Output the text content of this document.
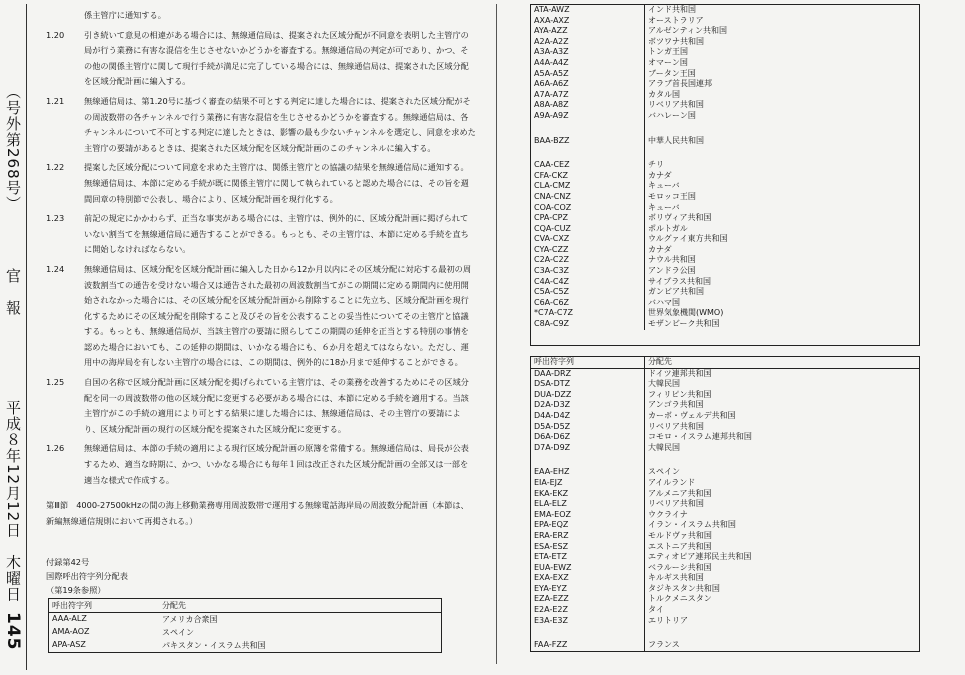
（号外第268号）
官　報
平成８年12月12日　木曜日
145
係主管庁に通知する。
1.20 引き続いて意見の相違がある場合には、無線通信局は、提案された区域分配が不同意を表明した主管庁の局が行う業務に有害な混信を生じさせないかどうかを審査する。無線通信局の判定が可であり、かつ、その他の関係主管庁に関して現行手続が満足に完了している場合には、無線通信局は、提案された区域分配を区域分配計画に編入する。
1.21 無線通信局は、第1.20号に基づく審査の結果不可とする判定に達した場合には、提案された区域分配がその周波数帯の各チャンネルで行う業務に有害な混信を生じさせるかどうかを審査する。無線通信局は、各チャンネルについて不可とする判定に達したときは、影響の最も少ないチャンネルを選定し、同意を求めた主管庁の要請があるときは、提案された区域分配を区域分配計画のこのチャンネルに編入する。
1.22 提案した区域分配について同意を求めた主管庁は、関係主管庁との協議の結果を無線通信局に通知する。無線通信局は、本節に定める手続が既に関係主管庁に関して執られていると認めた場合には、その旨を週間回章の特別節で公表し、場合により、区域分配計画を現行化する。
1.23 前記の規定にかかわらず、正当な事実がある場合には、主管庁は、例外的に、区域分配計画に掲げられていない割当てを無線通信局に通告することができる。もっとも、その主管庁は、本節に定める手続を直ちに開始しなければならない。
1.24 無線通信局は、区域分配を区域分配計画に編入した日から12か月以内にその区域分配に対応する最初の周波数割当ての通告を受けない場合又は通告された最初の周波数割当てがこの期間に定める期間内に使用開始されなかった場合には、その区域分配を区域分配計画から削除することに先立ち、区域分配計画を現行化するためにその区域分配を削除すること及びその旨を公表することの妥当性についてその主管庁と協議する。もっとも、無線通信局が、当該主管庁の要請に照らしてこの期間の延伸を正当とする特別の事情を認めた場合においても、この延伸の期間は、いかなる場合にも、６か月を超えてはならない。ただし、運用中の海岸局を有しない主管庁の場合には、この期間は、例外的に18か月まで延伸することができる。
1.25 自国の名称で区域分配計画に区域分配を掲げられている主管庁は、その業務を改善するためにその区域分配を同一の周波数帯の他の区域分配に変更する必要がある場合には、本節に定める手続を適用する。当該主管庁がこの手続の適用により可とする結果に達した場合には、無線通信局は、その主管庁の要請により、区域分配計画の現行の区域分配を提案された区域分配に変更する。
1.26 無線通信局は、本節の手続の適用による現行区域分配計画の原簿を常備する。無線通信局は、局長が公表するため、適当な時期に、かつ、いかなる場合にも毎年１回は改正された区域分配計画の全部又は一部を適当な様式で作成する。
第Ⅲ節　4000-27500kHzの間の海上移動業務専用周波数帯で運用する無線電話海岸局の周波数分配計画（本節は、新編無線通信規則において再掲される。）
付録第42号
国際呼出符字列分配表
（第19条参照）
呼出符字列	分配先
AAA-ALZ	アメリカ合衆国
AMA-AOZ	スペイン
APA-ASZ	パキスタン・イスラム共和国
ATA-AWZ	インド共和国
AXA-AXZ	オーストラリア
AYA-AZZ	アルゼンティン共和国
A2A-A2Z	ボツワナ共和国
A3A-A3Z	トンガ王国
A4A-A4Z	オマーン国
A5A-A5Z	ブータン王国
A6A-A6Z	アラブ首長国連邦
A7A-A7Z	カタル国
A8A-A8Z	リベリア共和国
A9A-A9Z	バハレーン国
BAA-BZZ	中華人民共和国
CAA-CEZ	チリ
CFA-CKZ	カナダ
CLA-CMZ	キューバ
CNA-CNZ	モロッコ王国
COA-COZ	キューバ
CPA-CPZ	ボリヴィア共和国
CQA-CUZ	ポルトガル
CVA-CXZ	ウルグァイ東方共和国
CYA-CZZ	カナダ
C2A-C2Z	ナウル共和国
C3A-C3Z	アンドラ公国
C4A-C4Z	サイプラス共和国
C5A-C5Z	ガンビア共和国
C6A-C6Z	バハマ国
*C7A-C7Z	世界気象機関(WMO)
C8A-C9Z	モザンビーク共和国
呼出符字列	分配先
DAA-DRZ	ドイツ連邦共和国
DSA-DTZ	大韓民国
DUA-DZZ	フィリピン共和国
D2A-D3Z	アンゴラ共和国
D4A-D4Z	カーボ・ヴェルデ共和国
D5A-D5Z	リベリア共和国
D6A-D6Z	コモロ・イスラム連邦共和国
D7A-D9Z	大韓民国
EAA-EHZ	スペイン
EIA-EJZ	アイルランド
EKA-EKZ	アルメニア共和国
ELA-ELZ	リベリア共和国
EMA-EOZ	ウクライナ
EPA-EQZ	イラン・イスラム共和国
ERA-ERZ	モルドヴァ共和国
ESA-ESZ	エストニア共和国
ETA-ETZ	エティオピア連邦民主共和国
EUA-EWZ	ベラルーシ共和国
EXA-EXZ	キルギス共和国
EYA-EYZ	タジキスタン共和国
EZA-EZZ	トルクメニスタン
E2A-E2Z	タイ
E3A-E3Z	エリトリア
FAA-FZZ	フランス
